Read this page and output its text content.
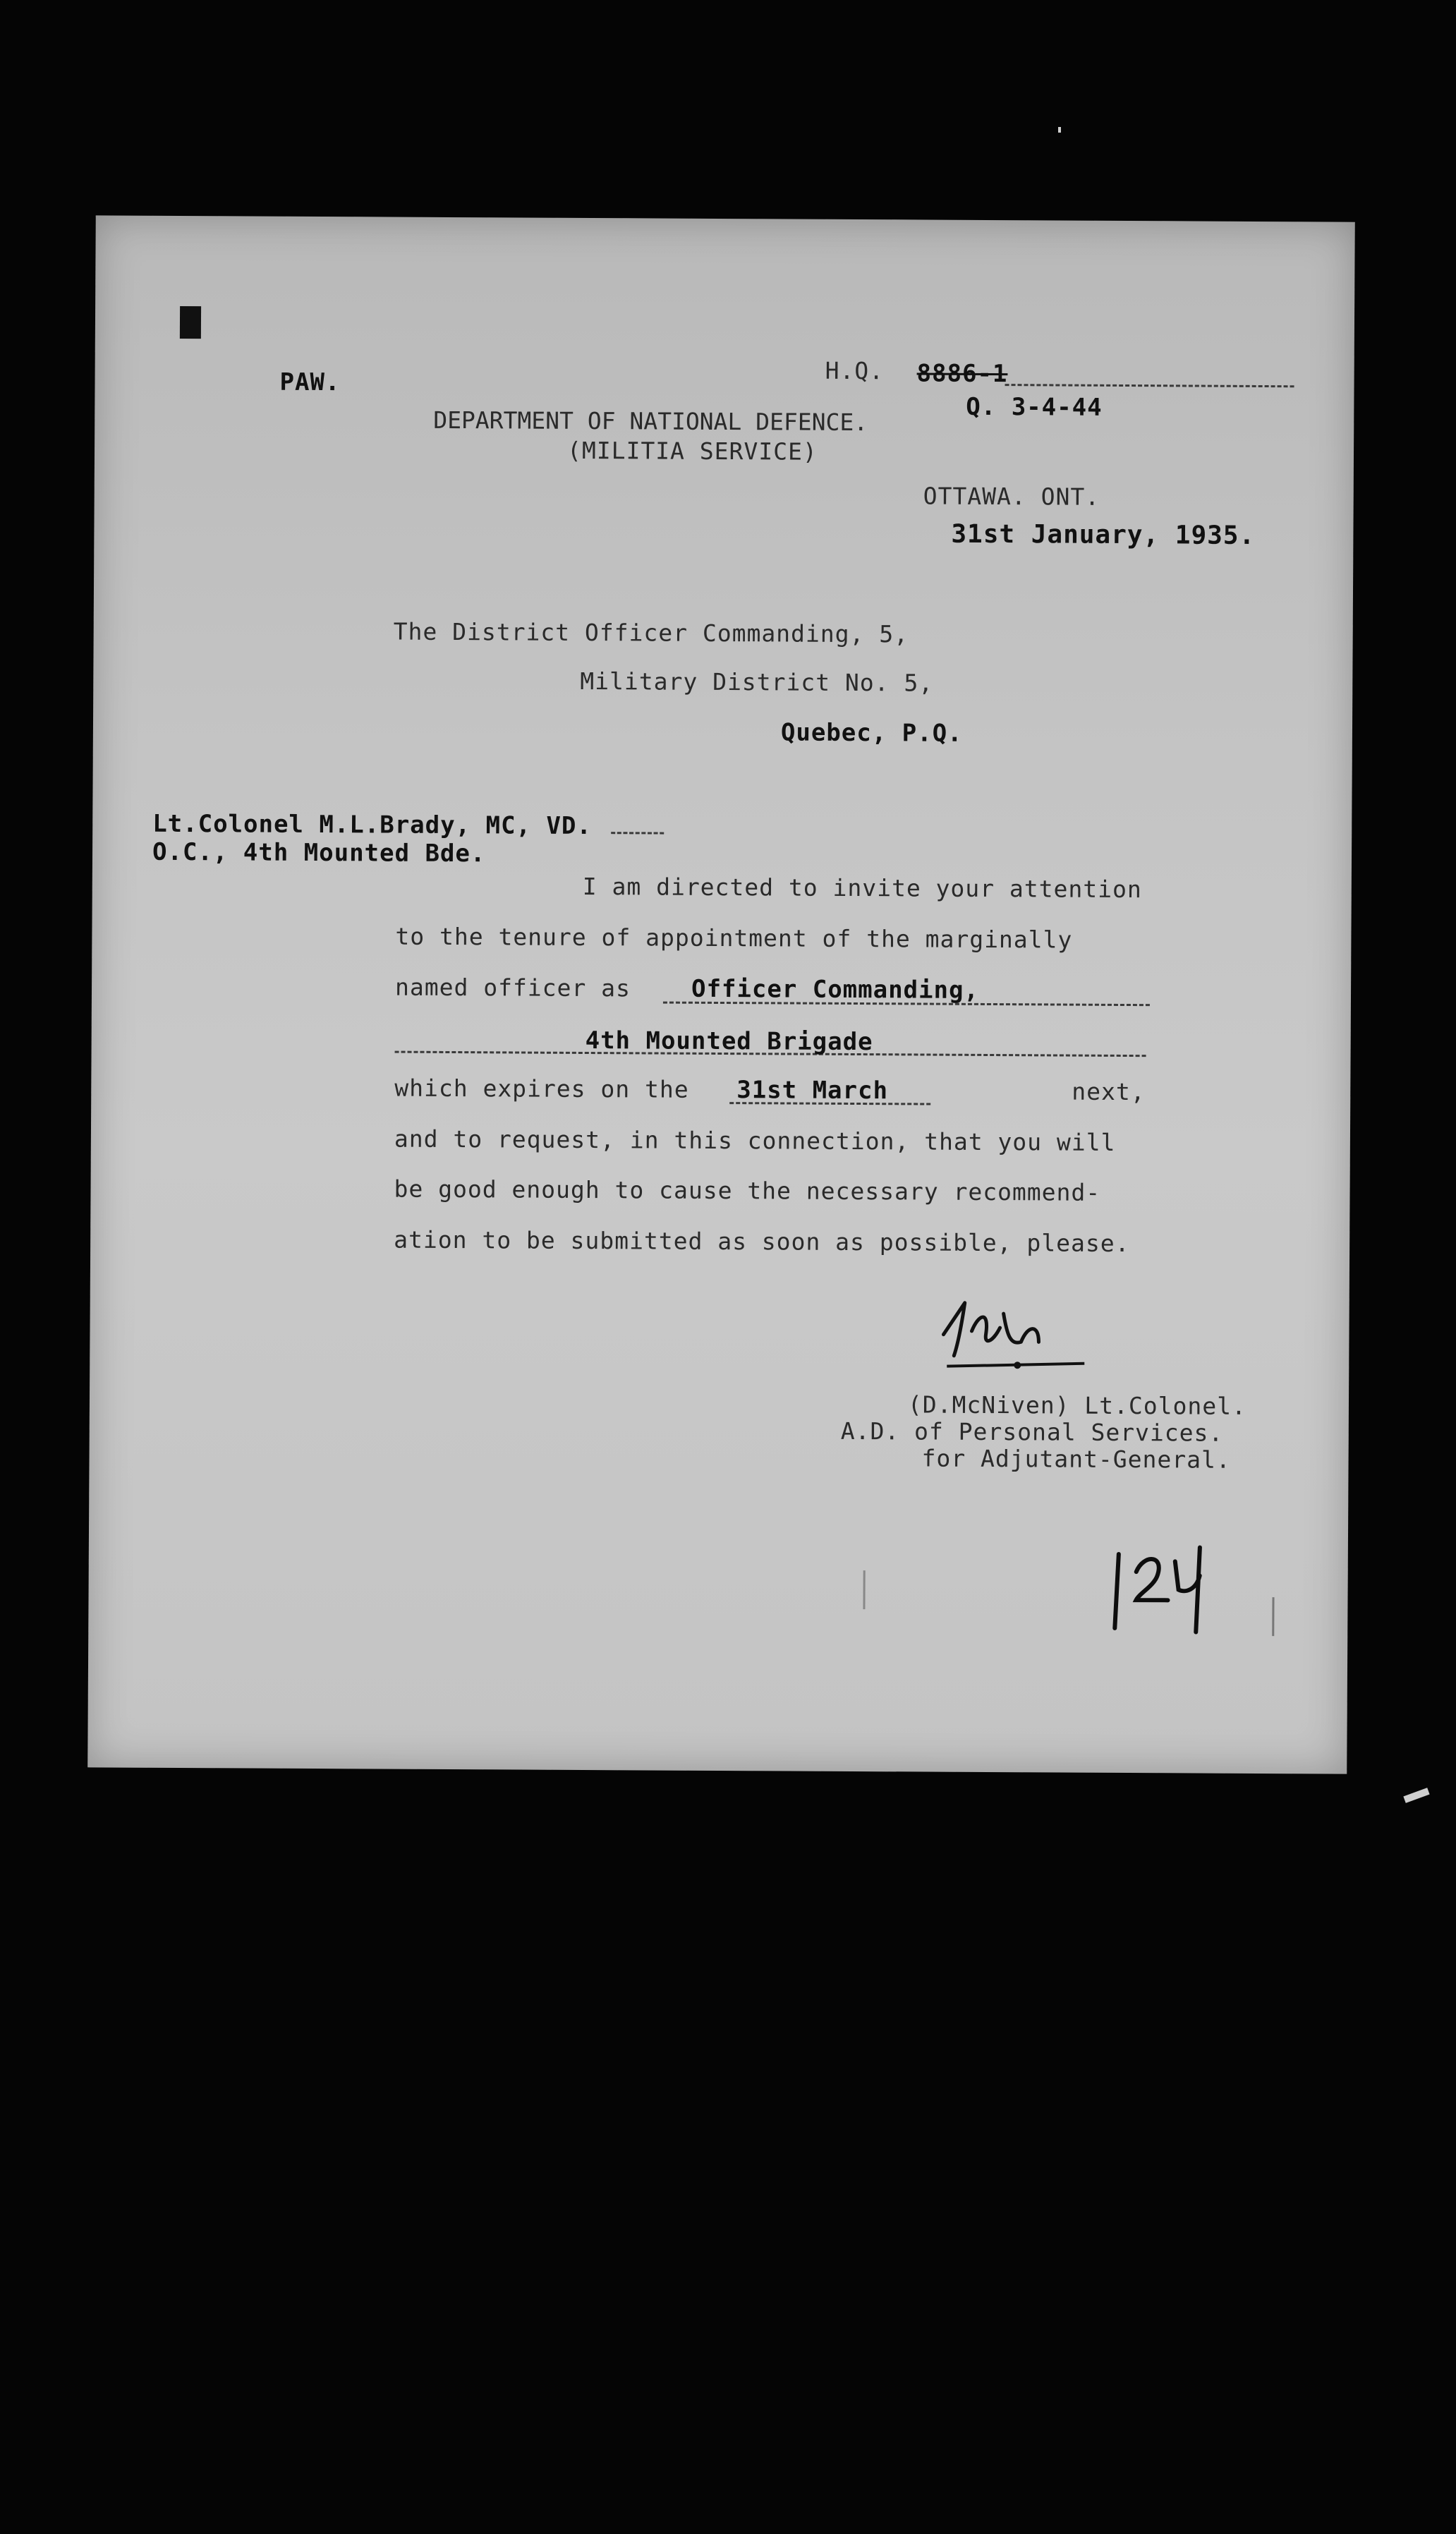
PAW.	H.Q. 8886-1
Q. 3-4-44
DEPARTMENT OF NATIONAL DEFENCE.
(MILITIA SERVICE)
OTTAWA. ONT.
31st January, 1935.
The District Officer Commanding, 5,
Military District No. 5,
Quebec, P.Q.
Lt.Colonel M.L.Brady, MC, VD.
O.C., 4th Mounted Bde.
I am directed to invite your attention
to the tenure of appointment of the marginally
named officer as	Officer Commanding,
4th Mounted Brigade
which expires on the 31st March	next,
and to request, in this connection, that you will
be good enough to cause the necessary recommend-
ation to be submitted as soon as possible, please.
(D.McNiven) Lt.Colonel.
A.D. of Personal Services.
for Adjutant-General.
